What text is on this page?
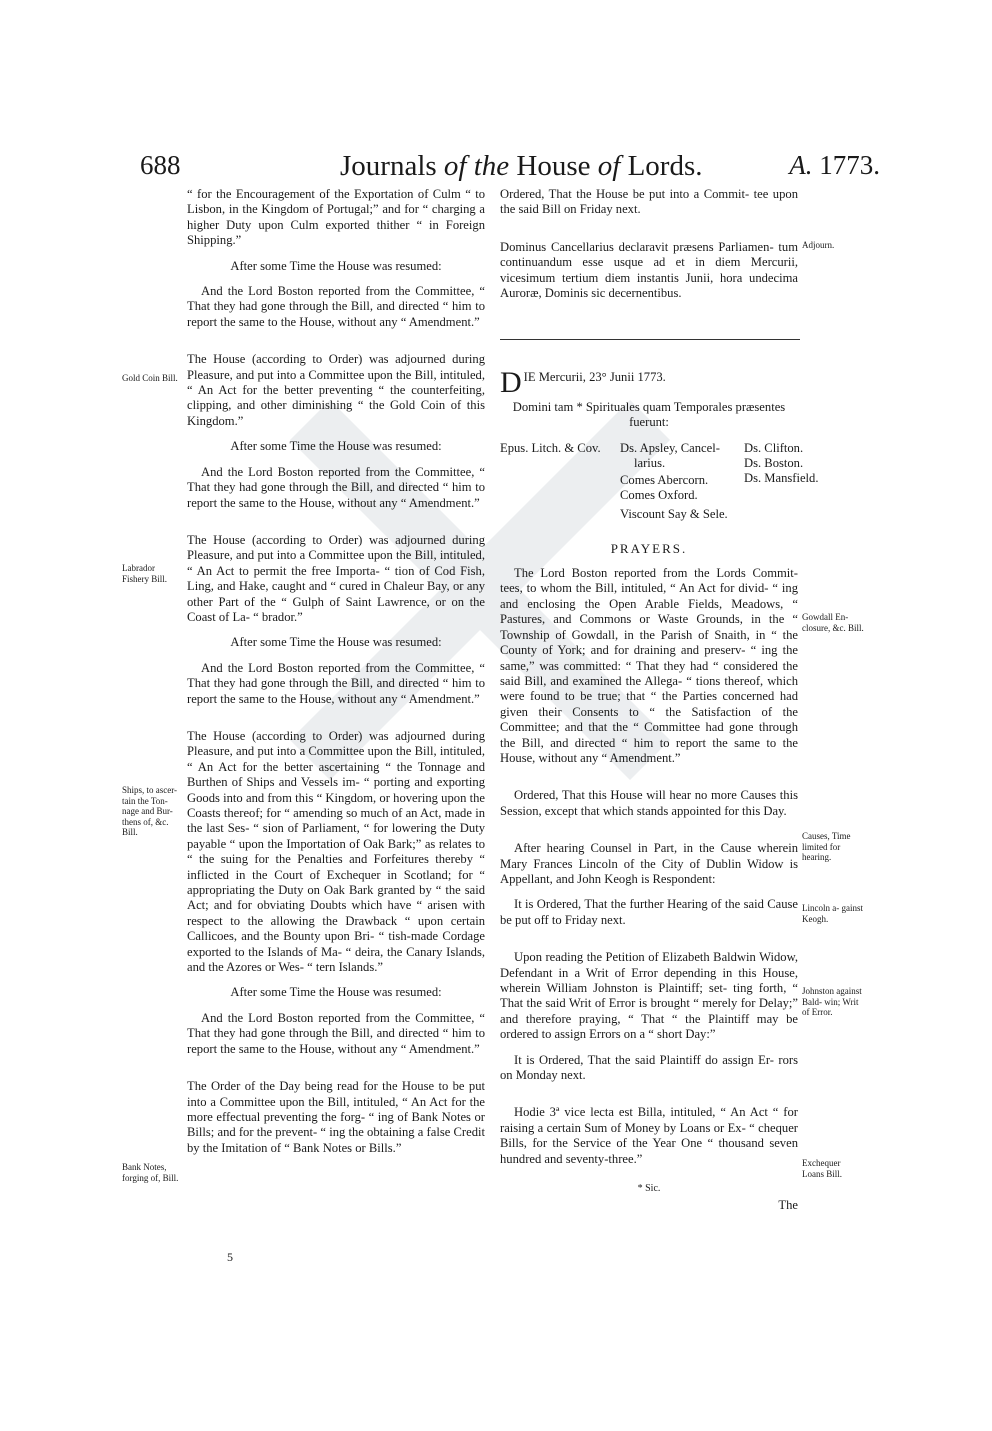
688	Journals of the House of Lords.	A. 1773.
Gold Coin Bill.
Labrador Fishery Bill.
Ships, to ascer- tain the Ton- nage and Bur- thens of, &c. Bill.
Bank Notes, forging of, Bill.
Adjourn.
Gowdall En- closure, &c. Bill.
Causes, Time limited for hearing.
Lincoln a- gainst Keogh.
Johnston against Bald- win; Writ of Error.
Exchequer Loans Bill.

“ for the Encouragement of the Exportation of Culm “ to Lisbon, in the Kingdom of Portugal;” and for “ charging a higher Duty upon Culm exported thither “ in Foreign Shipping.”

After some Time the House was resumed:

And the Lord Boston reported from the Committee, “ That they had gone through the Bill, and directed “ him to report the same to the House, without any “ Amendment.”

The House (according to Order) was adjourned during Pleasure, and put into a Committee upon the Bill, intituled, “ An Act for the better preventing “ the counterfeiting, clipping, and other diminishing “ the Gold Coin of this Kingdom.”

After some Time the House was resumed:

And the Lord Boston reported from the Committee, “ That they had gone through the Bill, and directed “ him to report the same to the House, without any “ Amendment.”

The House (according to Order) was adjourned during Pleasure, and put into a Committee upon the Bill, intituled, “ An Act to permit the free Importa- “ tion of Cod Fish, Ling, and Hake, caught and “ cured in Chaleur Bay, or any other Part of the “ Gulph of Saint Lawrence, or on the Coast of La- “ brador.”

After some Time the House was resumed:

And the Lord Boston reported from the Committee, “ That they had gone through the Bill, and directed “ him to report the same to the House, without any “ Amendment.”

The House (according to Order) was adjourned during Pleasure, and put into a Committee upon the Bill, intituled, “ An Act for the better ascertaining “ the Tonnage and Burthen of Ships and Vessels im- “ porting and exporting Goods into and from this “ Kingdom, or hovering upon the Coasts thereof; for “ amending so much of an Act, made in the last Ses- “ sion of Parliament, “ for lowering the Duty payable “ upon the Importation of Oak Bark;” as relates to “ the suing for the Penalties and Forfeitures thereby “ inflicted in the Court of Exchequer in Scotland; for “ appropriating the Duty on Oak Bark granted by “ the said Act; and for obviating Doubts which have “ arisen with respect to the allowing the Drawback “ upon certain Callicoes, and the Bounty upon Bri- “ tish-made Cordage exported to the Islands of Ma- “ deira, the Canary Islands, and the Azores or Wes- “ tern Islands.”

After some Time the House was resumed:

And the Lord Boston reported from the Committee, “ That they had gone through the Bill, and directed “ him to report the same to the House, without any “ Amendment.”

The Order of the Day being read for the House to be put into a Committee upon the Bill, intituled, “ An Act for the more effectual preventing the forg- “ ing of Bank Notes or Bills; and for the prevent- “ ing the obtaining a false Credit by the Imitation of “ Bank Notes or Bills.”

5

Ordered, That the House be put into a Commit- tee upon the said Bill on Friday next.

Dominus Cancellarius declaravit præsens Parliamen- tum continuandum esse usque ad et in diem Mercurii, vicesimum tertium diem instantis Junii, hora undecima Auroræ, Dominis sic decernentibus.

DIE Mercurii, 23° Junii 1773.

Domini tam * Spirituales quam Temporales præsentes fuerunt:

Epus. Litch. & Cov. Ds. Apsley, Cancel-
larius.
Comes Abercorn.
Comes Oxford.
Viscount Say & Sele.
Ds. Clifton.
Ds. Boston.
Ds. Mansfield.

PRAYERS.

The Lord Boston reported from the Lords Commit- tees, to whom the Bill, intituled, “ An Act for divid- “ ing and enclosing the Open Arable Fields, Meadows, “ Pastures, and Commons or Waste Grounds, in the “ Township of Gowdall, in the Parish of Snaith, in “ the County of York; and for draining and preserv- “ ing the same,” was committed: “ That they had “ considered the said Bill, and examined the Allega- “ tions thereof, which were found to be true; that “ the Parties concerned had given their Consents to “ the Satisfaction of the Committee; and that the “ Committee had gone through the Bill, and directed “ him to report the same to the House, without any “ Amendment.”

Ordered, That this House will hear no more Causes this Session, except that which stands appointed for this Day.

After hearing Counsel in Part, in the Cause wherein Mary Frances Lincoln of the City of Dublin Widow is Appellant, and John Keogh is Respondent:

It is Ordered, That the further Hearing of the said Cause be put off to Friday next.

Upon reading the Petition of Elizabeth Baldwin Widow, Defendant in a Writ of Error depending in this House, wherein William Johnston is Plaintiff; set- ting forth, “ That the said Writ of Error is brought “ merely for Delay;” and therefore praying, “ That “ the Plaintiff may be ordered to assign Errors on a “ short Day:”

It is Ordered, That the said Plaintiff do assign Er- rors on Monday next.

Hodie 3ª vice lecta est Billa, intituled, “ An Act “ for raising a certain Sum of Money by Loans or Ex- “ chequer Bills, for the Service of the Year One “ thousand seven hundred and seventy-three.”

* Sic.

The
